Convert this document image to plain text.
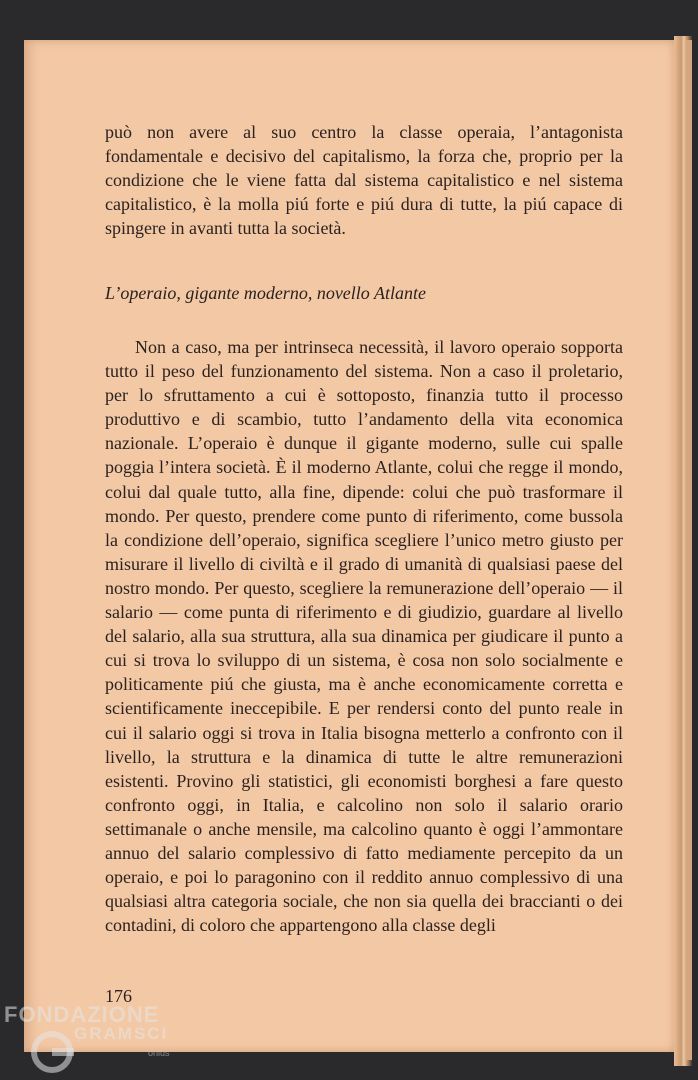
può non avere al suo centro la classe operaia, l’antagonista fondamentale e decisivo del capitalismo, la forza che, proprio per la condizione che le viene fatta dal sistema capitalistico e nel sistema capitalistico, è la molla piú forte e piú dura di tutte, la piú capace di spingere in avanti tutta la società.
L’operaio, gigante moderno, novello Atlante
Non a caso, ma per intrinseca necessità, il lavoro operaio sopporta tutto il peso del funzionamento del sistema. Non a caso il proletario, per lo sfruttamento a cui è sottoposto, finanzia tutto il processo produttivo e di scambio, tutto l’andamento della vita economica nazionale. L’operaio è dunque il gigante moderno, sulle cui spalle poggia l’intera società. È il moderno Atlante, colui che regge il mondo, colui dal quale tutto, alla fine, dipende: colui che può trasformare il mondo. Per questo, prendere come punto di riferimento, come bussola la condizione dell’operaio, significa scegliere l’unico metro giusto per misurare il livello di civiltà e il grado di umanità di qualsiasi paese del nostro mondo. Per questo, scegliere la remunerazione dell’operaio — il salario — come punta di riferimento e di giudizio, guardare al livello del salario, alla sua struttura, alla sua dinamica per giudicare il punto a cui si trova lo sviluppo di un sistema, è cosa non solo socialmente e politicamente piú che giusta, ma è anche economicamente corretta e scientificamente ineccepibile. E per rendersi conto del punto reale in cui il salario oggi si trova in Italia bisogna metterlo a confronto con il livello, la struttura e la dinamica di tutte le altre remunerazioni esistenti. Provino gli statistici, gli economisti borghesi a fare questo confronto oggi, in Italia, e calcolino non solo il salario orario settimanale o anche mensile, ma calcolino quanto è oggi l’ammontare annuo del salario complessivo di fatto mediamente percepito da un operaio, e poi lo paragonino con il reddito annuo complessivo di una qualsiasi altra categoria sociale, che non sia quella dei braccianti o dei contadini, di coloro che appartengono alla classe degli
176
FONDAZIONE
GRAMSCI
onlus
